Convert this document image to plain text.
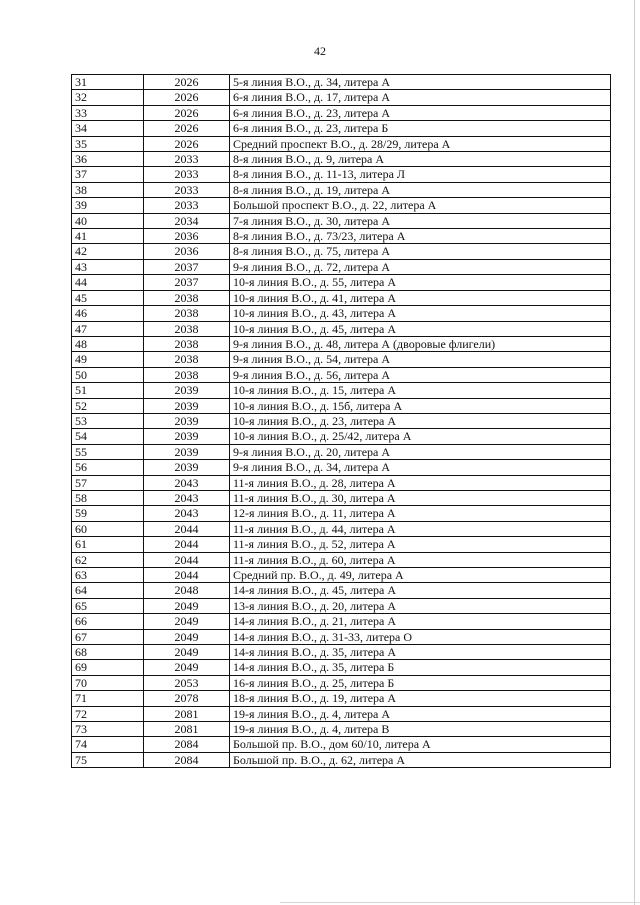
42
31	2026	5-я линия В.О., д. 34, литера А
32	2026	6-я линия В.О., д. 17, литера А
33	2026	6-я линия В.О., д. 23, литера А
34	2026	6-я линия В.О., д. 23, литера Б
35	2026	Средний проспект В.О., д. 28/29, литера А
36	2033	8-я линия В.О., д. 9, литера А
37	2033	8-я линия В.О., д. 11-13, литера Л
38	2033	8-я линия В.О., д. 19, литера А
39	2033	Большой проспект В.О., д. 22, литера А
40	2034	7-я линия В.О., д. 30, литера А
41	2036	8-я линия В.О., д. 73/23, литера А
42	2036	8-я линия В.О., д. 75, литера А
43	2037	9-я линия В.О., д. 72, литера А
44	2037	10-я линия В.О., д. 55, литера А
45	2038	10-я линия В.О., д. 41, литера А
46	2038	10-я линия В.О., д. 43, литера А
47	2038	10-я линия В.О., д. 45, литера А
48	2038	9-я линия В.О., д. 48, литера А (дворовые флигели)
49	2038	9-я линия В.О., д. 54, литера А
50	2038	9-я линия В.О., д. 56, литера А
51	2039	10-я линия В.О., д. 15, литера А
52	2039	10-я линия В.О., д. 15б, литера А
53	2039	10-я линия В.О., д. 23, литера А
54	2039	10-я линия В.О., д. 25/42, литера А
55	2039	9-я линия В.О., д. 20, литера А
56	2039	9-я линия В.О., д. 34, литера А
57	2043	11-я линия В.О., д. 28, литера А
58	2043	11-я линия В.О., д. 30, литера А
59	2043	12-я линия В.О., д. 11, литера А
60	2044	11-я линия В.О., д. 44, литера А
61	2044	11-я линия В.О., д. 52, литера А
62	2044	11-я линия В.О., д. 60, литера А
63	2044	Средний пр. В.О., д. 49, литера А
64	2048	14-я линия В.О., д. 45, литера А
65	2049	13-я линия В.О., д. 20, литера А
66	2049	14-я линия В.О., д. 21, литера А
67	2049	14-я линия В.О., д. 31-33, литера О
68	2049	14-я линия В.О., д. 35, литера А
69	2049	14-я линия В.О., д. 35, литера Б
70	2053	16-я линия В.О., д. 25, литера Б
71	2078	18-я линия В.О., д. 19, литера А
72	2081	19-я линия В.О., д. 4, литера А
73	2081	19-я линия В.О., д. 4, литера В
74	2084	Большой пр. В.О., дом 60/10, литера А
75	2084	Большой пр. В.О., д. 62, литера А
